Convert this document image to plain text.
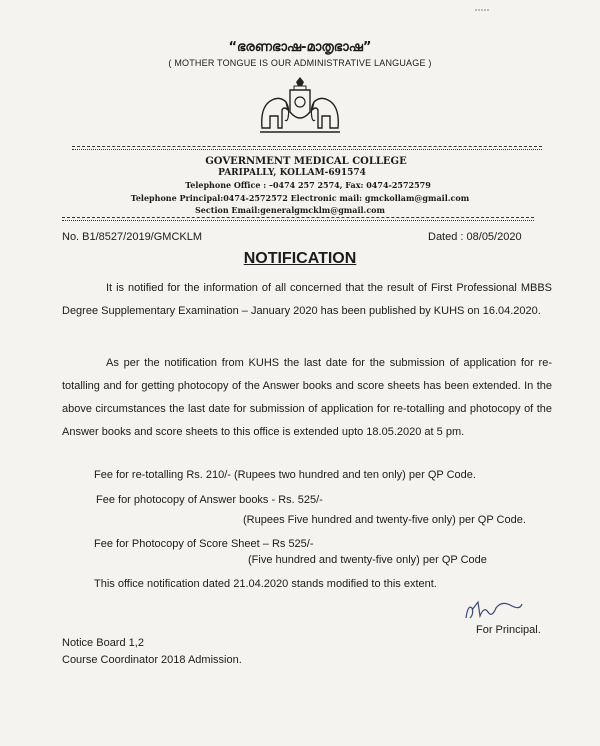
“ഭരണഭാഷ-മാതൃഭാഷ”
( MOTHER TONGUE IS OUR ADMINISTRATIVE LANGUAGE )
GOVERNMENT MEDICAL COLLEGE
PARIPALLY, KOLLAM-691574
Telephone Office : –0474 257 2574, Fax: 0474-2572579
Telephone Principal:0474-2572572 Electronic mail: gmckollam@gmail.com
Section Email:generalgmcklm@gmail.com
No. B1/8527/2019/GMCKLM	Dated : 08/05/2020
NOTIFICATION
It is notified for the information of all concerned that the result of First Professional MBBS Degree Supplementary Examination – January 2020 has been published by KUHS on 16.04.2020.
As per the notification from KUHS the last date for the submission of application for re-totalling and for getting photocopy of the Answer books and score sheets has been extended. In the above circumstances the last date for submission of application for re-totalling and photocopy of the Answer books and score sheets to this office is extended upto 18.05.2020 at 5 pm.
Fee for re-totalling Rs. 210/- (Rupees two hundred and ten only) per QP Code.
Fee for photocopy of Answer books - Rs. 525/-
(Rupees Five hundred and twenty-five only) per QP Code.
Fee for Photocopy of Score Sheet – Rs 525/-
(Five hundred and twenty-five only) per QP Code
This office notification dated 21.04.2020 stands modified to this extent.
For Principal.
Notice Board 1,2
Course Coordinator 2018 Admission.
